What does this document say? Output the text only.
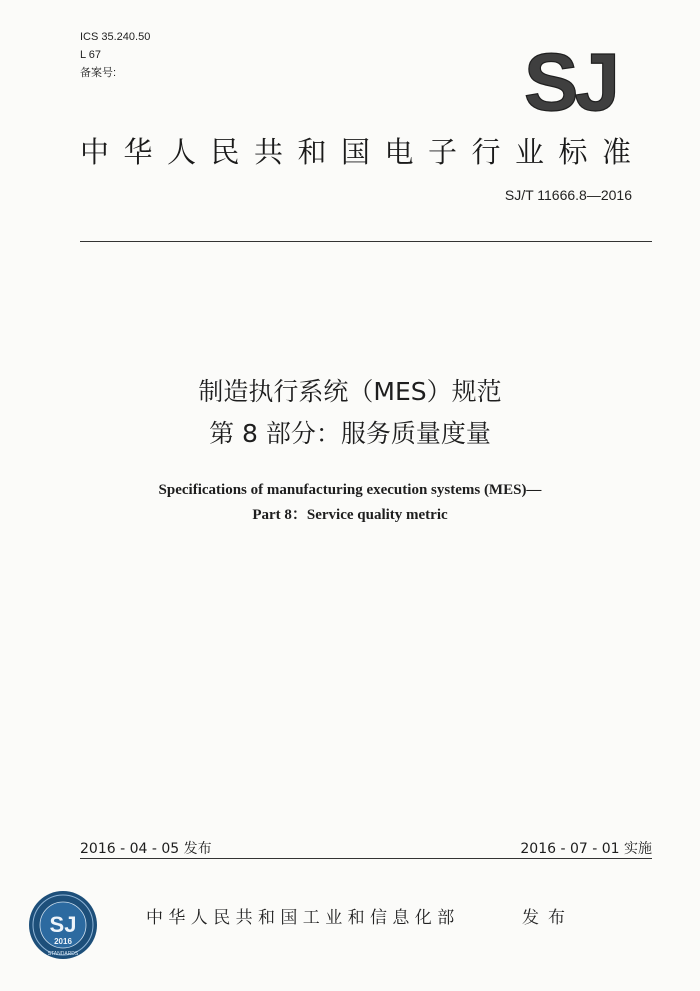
ICS 35.240.50
L 67
备案号:	SJ
中华人民共和国电子行业标准
SJ/T 11666.8—2016
制造执行系统（MES）规范
第 8 部分：服务质量度量
Specifications of manufacturing execution systems (MES)—
Part 8：Service quality metric
2016 - 04 - 05 发布	2016 - 07 - 01 实施
SJ
2016
STANDARDS
中华人民共和国工业和信息化部	发布
